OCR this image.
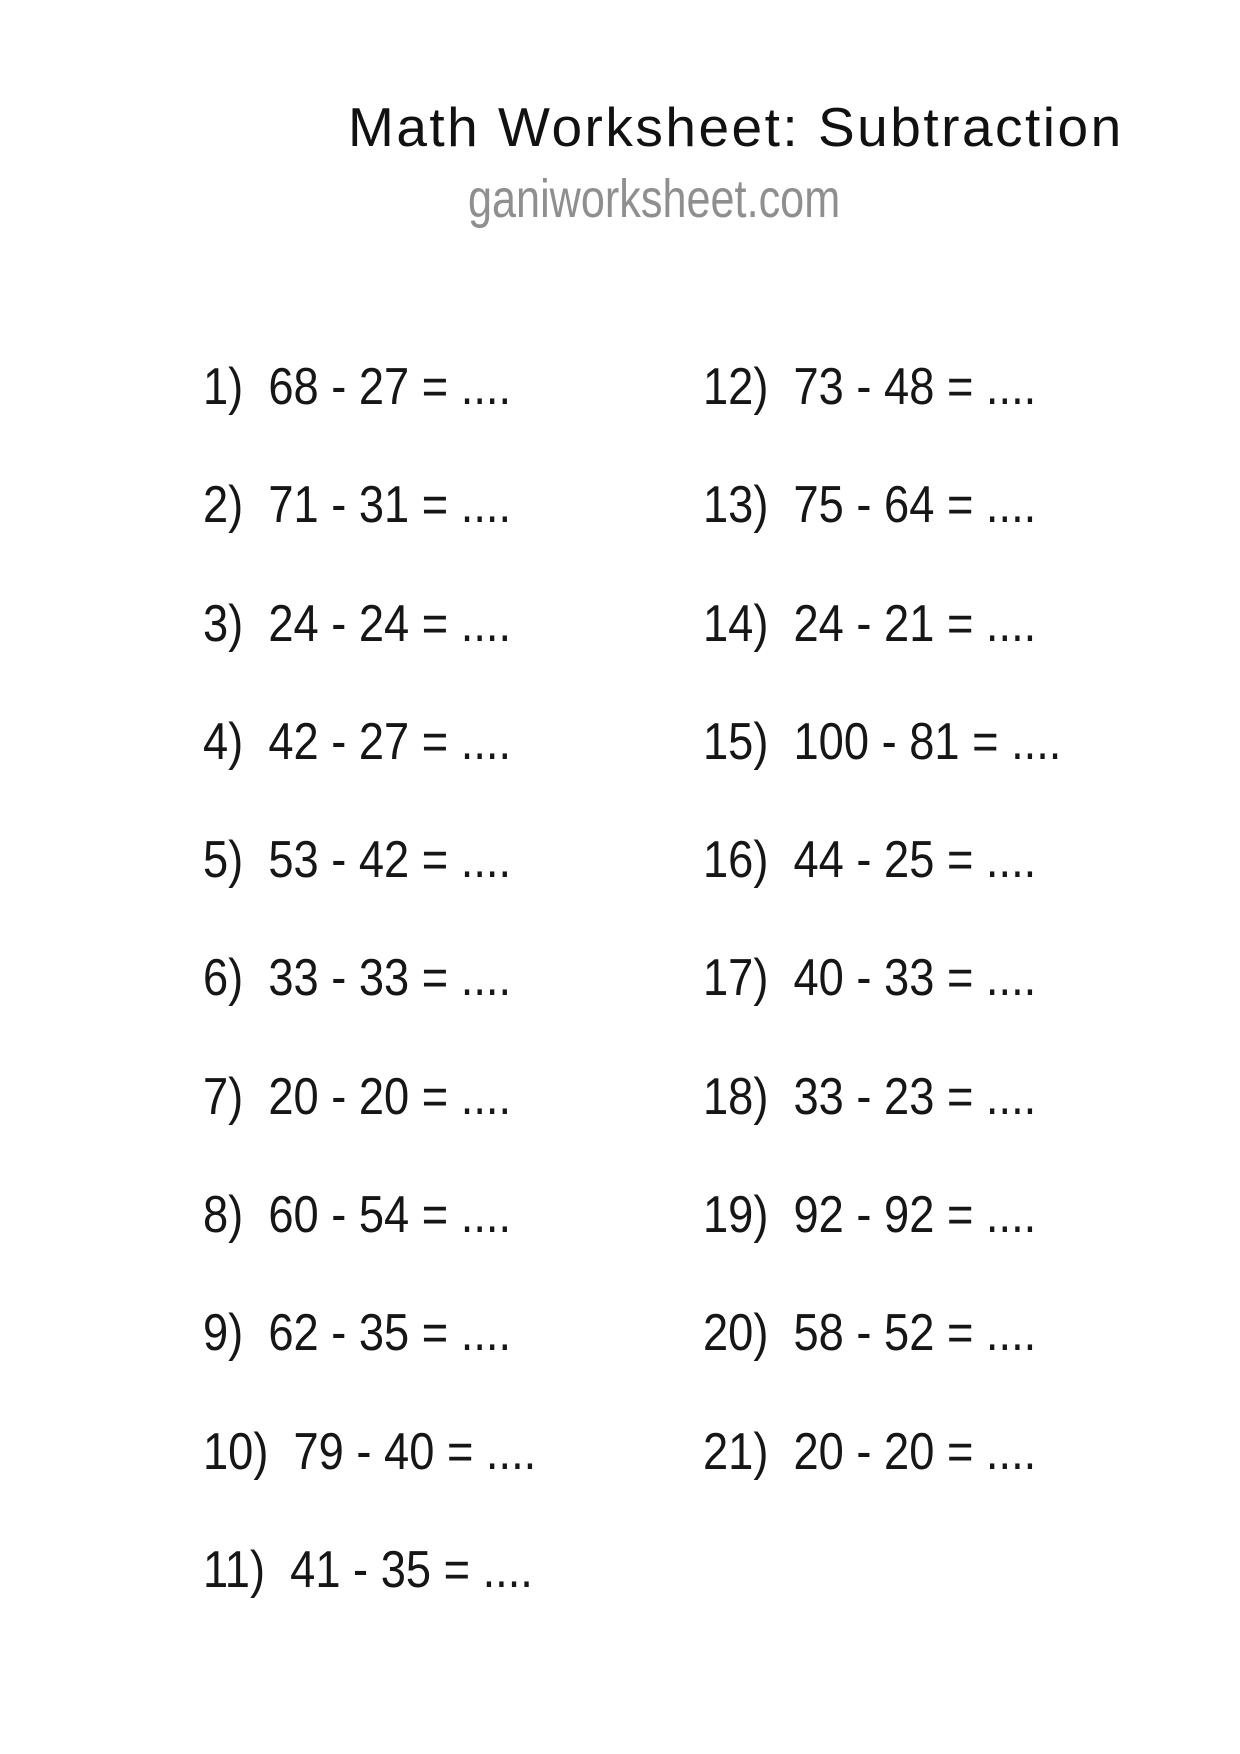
Math Worksheet: Subtraction
ganiworksheet.com
1)  68 - 27 = ....
2)  71 - 31 = ....
3)  24 - 24 = ....
4)  42 - 27 = ....
5)  53 - 42 = ....
6)  33 - 33 = ....
7)  20 - 20 = ....
8)  60 - 54 = ....
9)  62 - 35 = ....
10)  79 - 40 = ....
11)  41 - 35 = ....
12)  73 - 48 = ....
13)  75 - 64 = ....
14)  24 - 21 = ....
15)  100 - 81 = ....
16)  44 - 25 = ....
17)  40 - 33 = ....
18)  33 - 23 = ....
19)  92 - 92 = ....
20)  58 - 52 = ....
21)  20 - 20 = ....
